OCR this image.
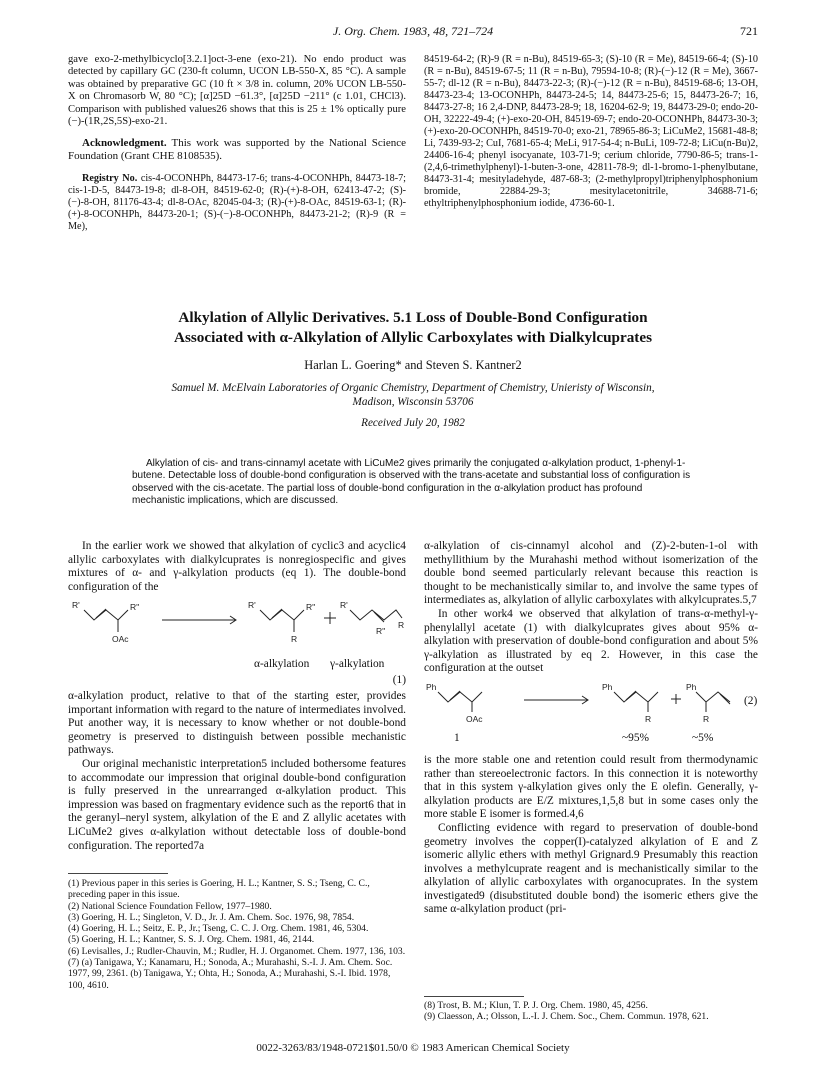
J. Org. Chem. 1983, 48, 721–724	721

gave exo-2-methylbicyclo[3.2.1]oct-3-ene (exo-21). No endo product was detected by capillary GC (230-ft column, UCON LB-550-X, 85 °C). A sample was obtained by preparative GC (10 ft × 3/8 in. column, 20% UCON LB-550-X on Chromasorb W, 80 °C); [α]25D −61.3°, [α]25D −211° (c 1.01, CHCl3). Comparison with published values26 shows that this is 25 ± 1% optically pure (−)-(1R,2S,5S)-exo-21.

Acknowledgment. This work was supported by the National Science Foundation (Grant CHE 8108535).

Registry No. cis-4-OCONHPh, 84473-17-6; trans-4-OCONHPh, 84473-18-7; cis-1-D-5, 84473-19-8; dl-8-OH, 84519-62-0; (R)-(+)-8-OH, 62413-47-2; (S)-(−)-8-OH, 81176-43-4; dl-8-OAc, 82045-04-3; (R)-(+)-8-OAc, 84519-63-1; (R)-(+)-8-OCONHPh, 84473-20-1; (S)-(−)-8-OCONHPh, 84473-21-2; (R)-9 (R = Me),

84519-64-2; (R)-9 (R = n-Bu), 84519-65-3; (S)-10 (R = Me), 84519-66-4; (S)-10 (R = n-Bu), 84519-67-5; 11 (R = n-Bu), 79594-10-8; (R)-(−)-12 (R = Me), 3667-55-7; dl-12 (R = n-Bu), 84473-22-3; (R)-(−)-12 (R = n-Bu), 84519-68-6; 13-OH, 84473-23-4; 13-OCONHPh, 84473-24-5; 14, 84473-25-6; 15, 84473-26-7; 16, 84473-27-8; 16 2,4-DNP, 84473-28-9; 18, 16204-62-9; 19, 84473-29-0; endo-20-OH, 32222-49-4; (+)-exo-20-OH, 84519-69-7; endo-20-OCONHPh, 84473-30-3; (+)-exo-20-OCONHPh, 84519-70-0; exo-21, 78965-86-3; LiCuMe2, 15681-48-8; Li, 7439-93-2; CuI, 7681-65-4; MeLi, 917-54-4; n-BuLi, 109-72-8; LiCu(n-Bu)2, 24406-16-4; phenyl isocyanate, 103-71-9; cerium chloride, 7790-86-5; trans-1-(2,4,6-trimethylphenyl)-1-buten-3-one, 42811-78-9; dl-1-bromo-1-phenylbutane, 84473-31-4; mesityladehyde, 487-68-3; (2-methylpropyl)triphenylphosphonium bromide, 22884-29-3; mesitylacetonitrile, 34688-71-6; ethyltriphenylphosphonium iodide, 4736-60-1.

Alkylation of Allylic Derivatives. 5.1 Loss of Double-Bond Configuration

Associated with α-Alkylation of Allylic Carboxylates with Dialkylcuprates

Harlan L. Goering* and Steven S. Kantner2

Samuel M. McElvain Laboratories of Organic Chemistry, Department of Chemistry, Unieristy of Wisconsin,

Madison, Wisconsin 53706

Received July 20, 1982

Alkylation of cis- and trans-cinnamyl acetate with LiCuMe2 gives primarily the conjugated α-alkylation product, 1-phenyl-1-butene. Detectable loss of double-bond configuration is observed with the trans-acetate and substantial loss of configuration is observed with the cis-acetate. The partial loss of double-bond configuration in the α-alkylation product has profound mechanistic implications, which are discussed.

In the earlier work we showed that alkylation of cyclic3 and acyclic4 allylic carboxylates with dialkylcuprates is nonregiospecific and gives mixtures of α- and γ-alkylation products (eq 1). The double-bond configuration of the

R'	R''
OAc
R'	R''
R
R'
R''
R
α-alkylation γ-alkylation

(1)

α-alkylation product, relative to that of the starting ester, provides important information with regard to the nature of intermediates involved. Put another way, it is necessary to know whether or not double-bond geometry is preserved to distinguish between possible mechanistic pathways.

Our original mechanistic interpretation5 included bothersome features to accommodate our impression that original double-bond configuration is fully preserved in the unrearranged α-alkylation product. This impression was based on fragmentary evidence such as the report6 that in the geranyl–neryl system, alkylation of the E and Z allylic acetates with LiCuMe2 gives α-alkylation without detectable loss of double-bond configuration. The reported7a

α-alkylation of cis-cinnamyl alcohol and (Z)-2-buten-1-ol with methyllithium by the Murahashi method without isomerization of the double bond seemed particularly relevant because this reaction is thought to be mechanistically similar to, and involve the same types of intermediates as, alkylation of allylic carboxylates with alkylcuprates.5,7

In other work4 we observed that alkylation of trans-α-methyl-γ-phenylallyl acetate (1) with dialkylcuprates gives about 95% α-alkylation with preservation of double-bond configuration and about 5% γ-alkylation as illustrated by eq 2. However, in this case the configuration at the outset

Ph
OAc
Ph
R
Ph
R
(2)
1	~95%	~5%

is the more stable one and retention could result from thermodynamic rather than stereoelectronic factors. In this connection it is noteworthy that in this system γ-alkylation gives only the E olefin. Generally, γ-alkylation products are E/Z mixtures,1,5,8 but in some cases only the more stable E isomer is formed.4,6

Conflicting evidence with regard to preservation of double-bond geometry involves the copper(I)-catalyzed alkylation of E and Z isomeric allylic ethers with methyl Grignard.9 Presumably this reaction involves a methylcuprate reagent and is mechanistically similar to the alkylation of allylic carboxylates with organocuprates. In the system investigated9 (disubstituted double bond) the isomeric ethers give the same α-alkylation product (pri-

(1) Previous paper in this series is Goering, H. L.; Kantner, S. S.; Tseng, C. C., preceding paper in this issue.

(2) National Science Foundation Fellow, 1977–1980.

(3) Goering, H. L.; Singleton, V. D., Jr. J. Am. Chem. Soc. 1976, 98, 7854.

(4) Goering, H. L.; Seitz, E. P., Jr.; Tseng, C. C. J. Org. Chem. 1981, 46, 5304.

(5) Goering, H. L.; Kantner, S. S. J. Org. Chem. 1981, 46, 2144.

(6) Levisalles, J.; Rudler-Chauvin, M.; Rudler, H. J. Organomet. Chem. 1977, 136, 103.

(7) (a) Tanigawa, Y.; Kanamaru, H.; Sonoda, A.; Murahashi, S.-I. J. Am. Chem. Soc. 1977, 99, 2361. (b) Tanigawa, Y.; Ohta, H.; Sonoda, A.; Murahashi, S.-I. Ibid. 1978, 100, 4610.

(8) Trost, B. M.; Klun, T. P. J. Org. Chem. 1980, 45, 4256.

(9) Claesson, A.; Olsson, L.-I. J. Chem. Soc., Chem. Commun. 1978, 621.

0022-3263/83/1948-0721$01.50/0 © 1983 American Chemical Society
